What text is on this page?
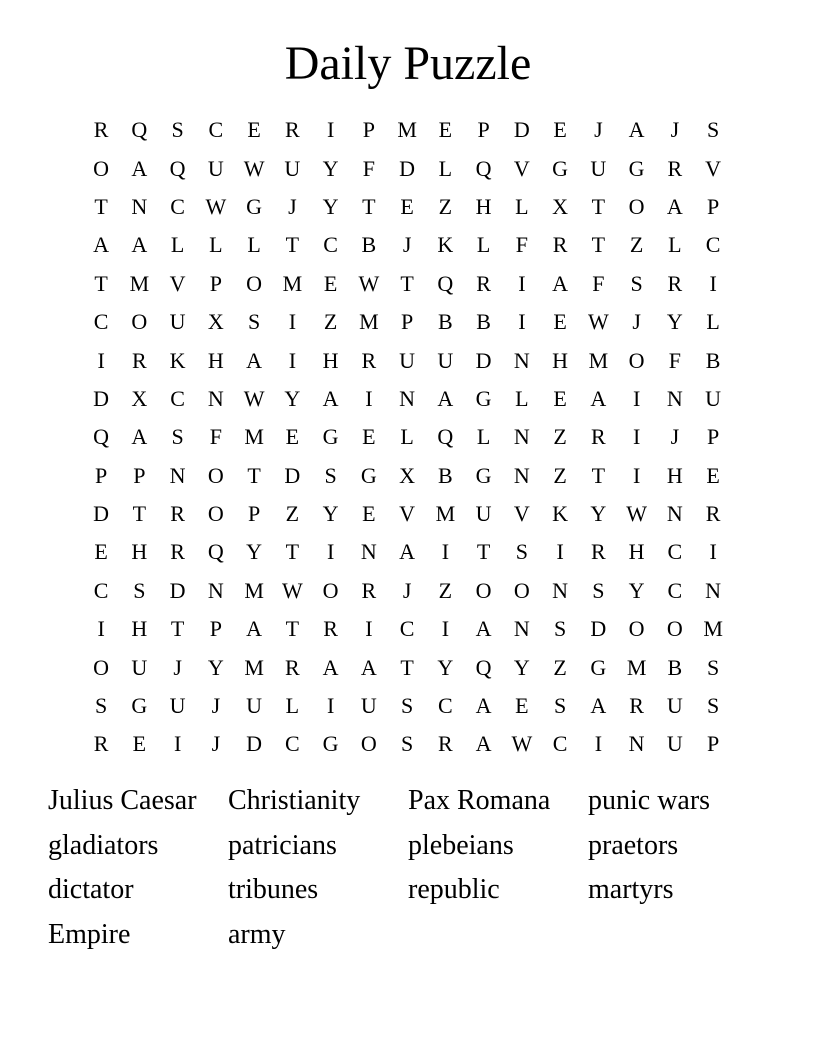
Daily Puzzle
R	Q	S	C	E	R	I	P	M E	P	D	E	J	A	J	S
O	A	Q	U W U	Y	F	D	L	Q	V	G	U	G	R	V
T	N	C W G	J	Y	T	E	Z	H	L	X	T	O	A	P
A	A	L	L	L	T	C	B	J	K	L	F	R	T	Z	L	C
T M V	P	O M E W T	Q	R	I	A	F	S	R	I
C	O	U	X	S	I	Z M	P	B	B	I	E W	J	Y	L
I	R	K	H	A	I	H	R	U	U	D	N	H M O	F	B
D	X	C	N W Y	A	I	N	A	G	L	E	A	I	N	U
Q	A	S	F	M E	G	E	L	Q	L	N	Z	R	I	J	P
P	P	N	O	T	D	S	G	X	B	G	N	Z	T	I	H	E
D	T	R	O	P	Z	Y	E	V M U	V	K	Y W N	R
E	H	R	Q	Y	T	I	N	A	I	T	S	I	R	H	C	I
C	S	D	N M W O	R	J	Z	O	O	N	S	Y	C	N
I	H	T	P	A	T	R	I	C	I	A	N	S	D	O	O M
O	U	J	Y M R	A	A	T	Y	Q	Y	Z	G M B	S
S	G	U	J	U	L	I	U	S	C	A	E	S	A	R	U	S
R	E	I	J	D	C	G	O	S	R	A W C	I	N	U	P
Julius Caesar	Christianity	Pax Romana	punic wars
gladiators	patricians	plebeians	praetors
dictator	tribunes	republic	martyrs
Empire	army
